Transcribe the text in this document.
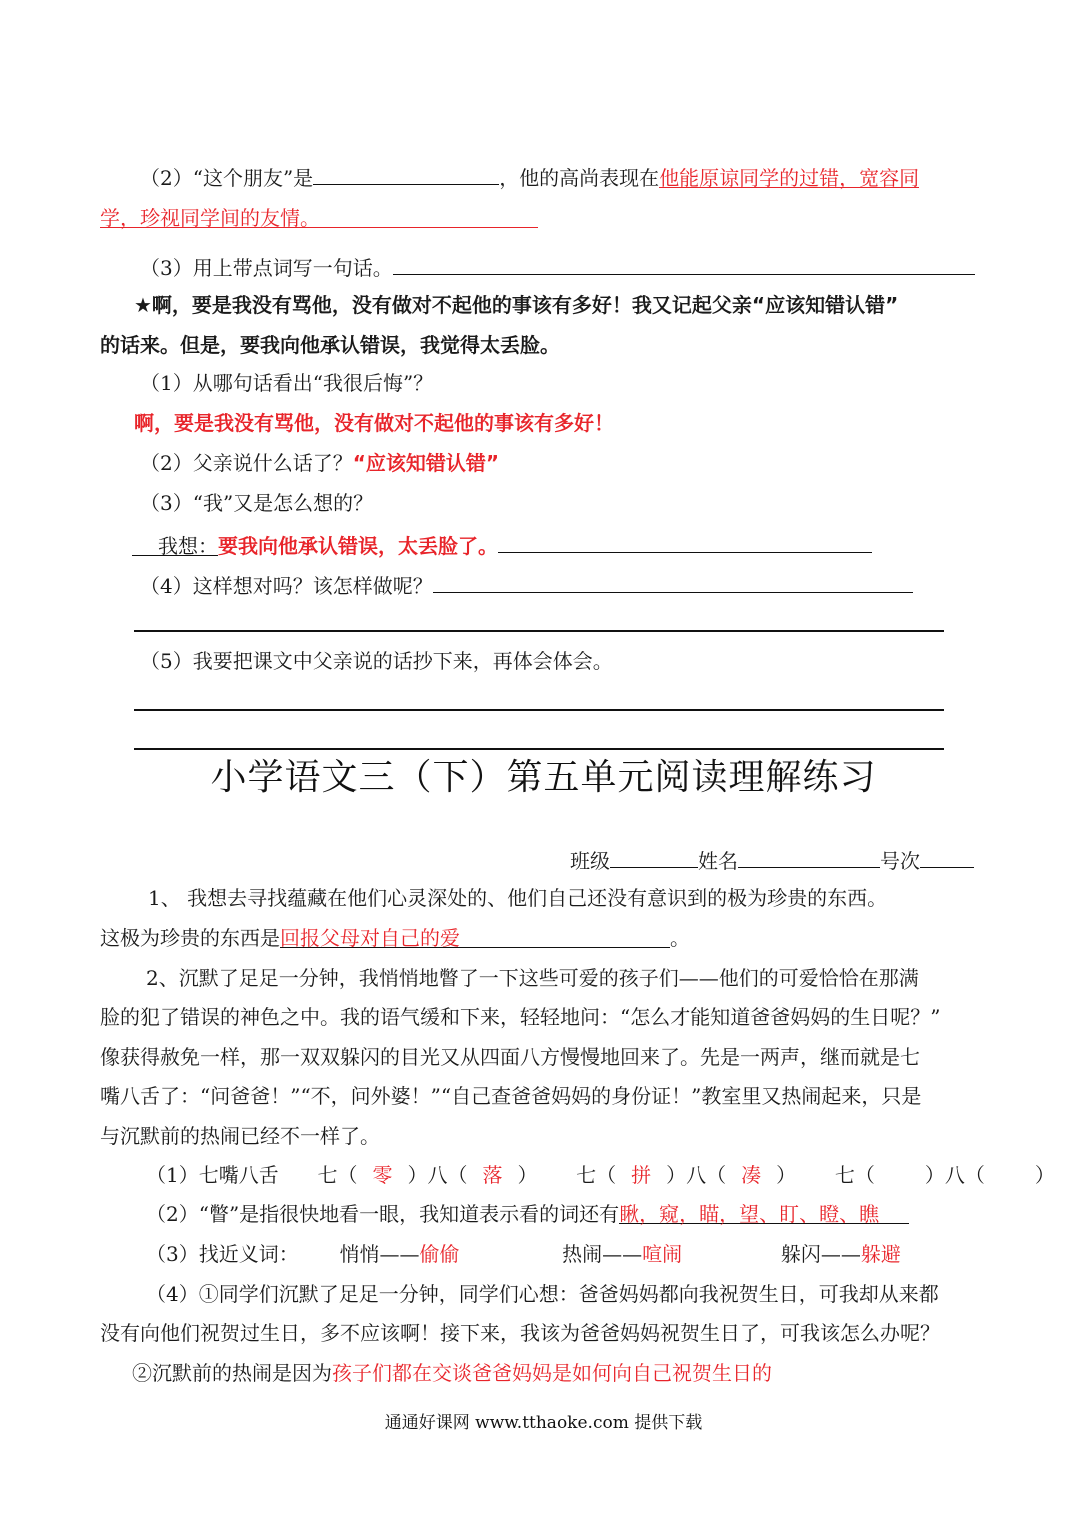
（2）“这个朋友”是	，他的高尚表现在他能原谅同学的过错，宽容同
学，珍视同学间的友情。
（3）用上带点词写一句话。
★啊，要是我没有骂他，没有做对不起他的事该有多好！我又记起父亲“应该知错认错”
的话来。但是，要我向他承认错误，我觉得太丢脸。
（1）从哪句话看出“我很后悔”？
啊，要是我没有骂他，没有做对不起他的事该有多好！
（2）父亲说什么话了？“应该知错认错”
（3）“我”又是怎么想的？
我想：要我向他承认错误，太丢脸了。
（4）这样想对吗？该怎样做呢？
（5）我要把课文中父亲说的话抄下来，再体会体会。
小学语文三（下）第五单元阅读理解练习
班级	姓名	号次
1、 我想去寻找蕴藏在他们心灵深处的、他们自己还没有意识到的极为珍贵的东西。
这极为珍贵的东西是回报父母对自己的爱	。
2、沉默了足足一分钟，我悄悄地瞥了一下这些可爱的孩子们——他们的可爱恰恰在那满
脸的犯了错误的神色之中。我的语气缓和下来，轻轻地问：“怎么才能知道爸爸妈妈的生日呢？”
像获得赦免一样，那一双双躲闪的目光又从四面八方慢慢地回来了。先是一两声，继而就是七
嘴八舌了：“问爸爸！”“不，问外婆！”“自己查爸爸妈妈的身份证！”教室里又热闹起来，只是
与沉默前的热闹已经不一样了。
（1）七嘴八舌 七（ 零 ）八（ 落 ） 七（ 拼 ）八（ 凑 ） 七（	）八（	）
（2）“瞥”是指很快地看一眼，我知道表示看的词还有瞅，窥，瞄，望、盯、瞪、瞧
（3）找近义词： 悄悄——偷偷	热闹——喧闹	躲闪——躲避
（4）①同学们沉默了足足一分钟，同学们心想：爸爸妈妈都向我祝贺生日，可我却从来都
没有向他们祝贺过生日，多不应该啊！接下来，我该为爸爸妈妈祝贺生日了，可我该怎么办呢？
②沉默前的热闹是因为孩子们都在交谈爸爸妈妈是如何向自己祝贺生日的
通通好课网 www.tthaoke.com 提供下载
